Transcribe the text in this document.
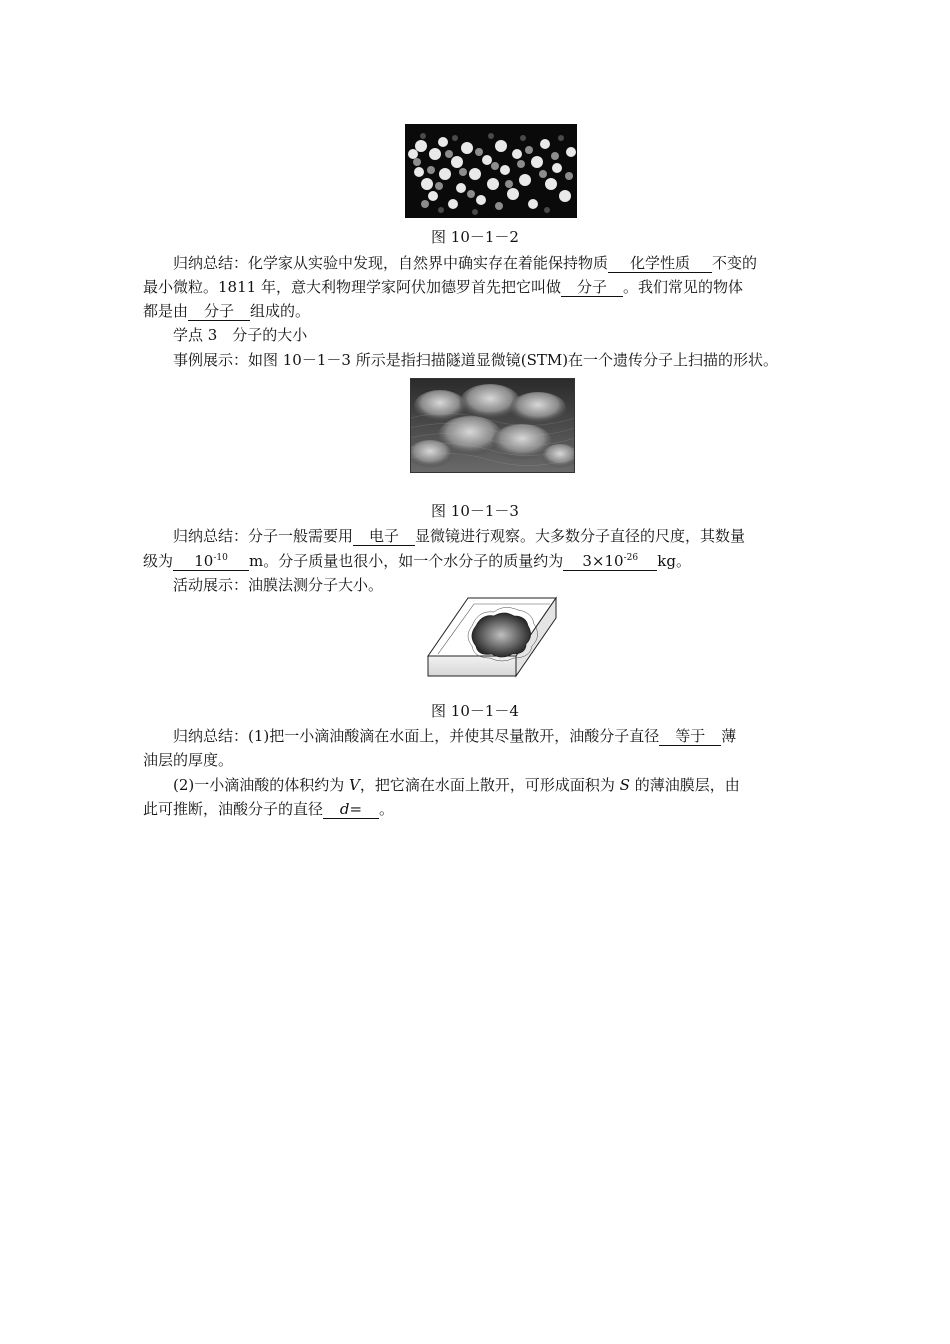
图 10－1－2
归纳总结：化学家从实验中发现，自然界中确实存在着能保持物质 化学性质 不变的
最小微粒。1811 年，意大利物理学家阿伏加德罗首先把它叫做 分子 。我们常见的物体
都是由 分子 组成的。
学点 3　分子的大小
事例展示：如图 10－1－3 所示是指扫描隧道显微镜(STM)在一个遗传分子上扫描的形状。
图 10－1－3
归纳总结：分子一般需要用 电子 显微镜进行观察。大多数分子直径的尺度，其数量
级为 $10^{-10}$ m。分子质量也很小，如一个水分子的质量约为 $3\times 10^{-26}$ kg。
活动展示：油膜法测分子大小。
图 10－1－4
归纳总结：(1)把一小滴油酸滴在水面上，并使其尽量散开，油酸分子直径 等于 薄
油层的厚度。
(2)一小滴油酸的体积约为 V，把它滴在水面上散开，可形成面积为 S 的薄油膜层，由
此可推断，油酸分子的直径 d= 。
